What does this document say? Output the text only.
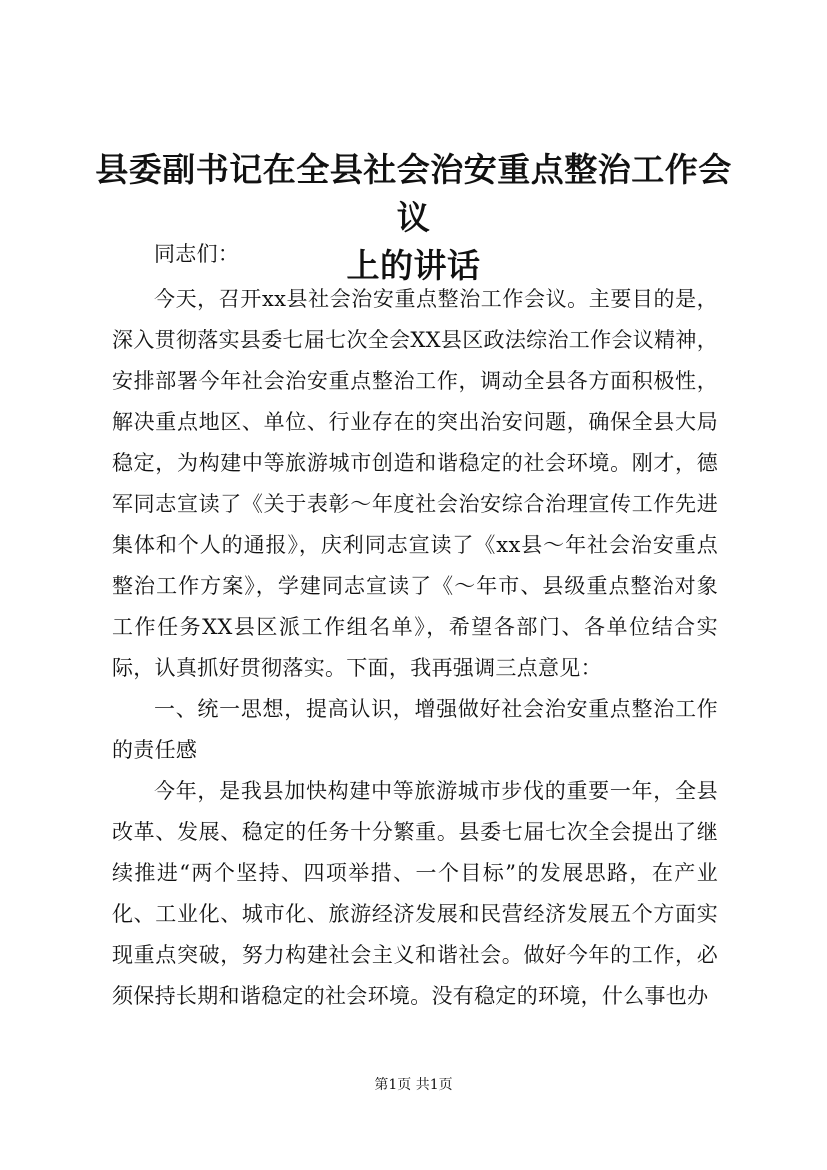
县委副书记在全县社会治安重点整治工作会议
上的讲话

同志们：

今天，召开xx县社会治安重点整治工作会议。主要目的是，深入贯彻落实县委七届七次全会XX县区政法综治工作会议精神，安排部署今年社会治安重点整治工作，调动全县各方面积极性，解决重点地区、单位、行业存在的突出治安问题，确保全县大局稳定，为构建中等旅游城市创造和谐稳定的社会环境。刚才，德军同志宣读了《关于表彰～年度社会治安综合治理宣传工作先进集体和个人的通报》，庆利同志宣读了《xx县～年社会治安重点整治工作方案》，学建同志宣读了《～年市、县级重点整治对象工作任务XX县区派工作组名单》，希望各部门、各单位结合实际，认真抓好贯彻落实。下面，我再强调三点意见：

一、统一思想，提高认识，增强做好社会治安重点整治工作的责任感

今年，是我县加快构建中等旅游城市步伐的重要一年，全县改革、发展、稳定的任务十分繁重。县委七届七次全会提出了继续推进“两个坚持、四项举措、一个目标”的发展思路，在产业化、工业化、城市化、旅游经济发展和民营经济发展五个方面实现重点突破，努力构建社会主义和谐社会。做好今年的工作，必须保持长期和谐稳定的社会环境。没有稳定的环境，什么事也办

第1页 共1页
